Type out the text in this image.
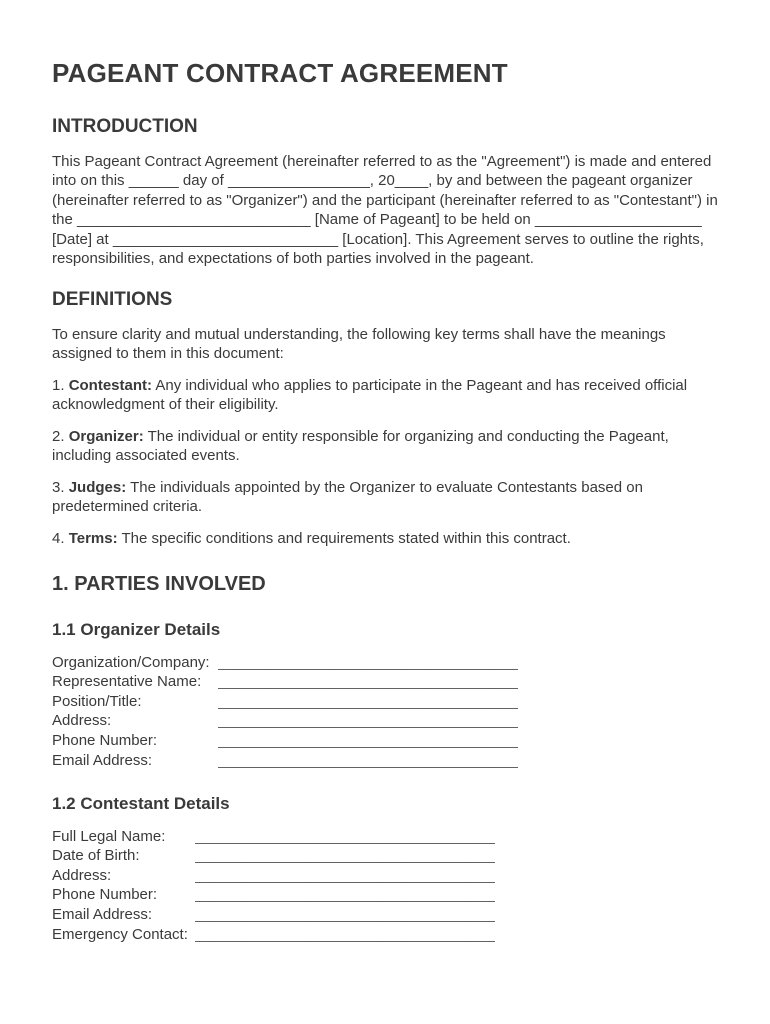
PAGEANT CONTRACT AGREEMENT
INTRODUCTION

This Pageant Contract Agreement (hereinafter referred to as the "Agreement") is made and entered into on this ______ day of _________________, 20____, by and between the pageant organizer (hereinafter referred to as "Organizer") and the participant (hereinafter referred to as "Contestant") in the ____________________________ [Name of Pageant] to be held on ____________________ [Date] at ___________________________ [Location]. This Agreement serves to outline the rights, responsibilities, and expectations of both parties involved in the pageant.

DEFINITIONS

To ensure clarity and mutual understanding, the following key terms shall have the meanings assigned to them in this document:

1. Contestant: Any individual who applies to participate in the Pageant and has received official acknowledgment of their eligibility.

2. Organizer: The individual or entity responsible for organizing and conducting the Pageant, including associated events.

3. Judges: The individuals appointed by the Organizer to evaluate Contestants based on predetermined criteria.

4. Terms: The specific conditions and requirements stated within this contract.

1. PARTIES INVOLVED
1.1 Organizer Details
Organization/Company: ____________________________________
Representative Name:	____________________________________
Position/Title:	____________________________________
Address:	____________________________________
Phone Number:	____________________________________
Email Address:	____________________________________
1.2 Contestant Details
Full Legal Name:	____________________________________
Date of Birth:	____________________________________
Address:	____________________________________
Phone Number:	____________________________________
Email Address:	____________________________________
Emergency Contact: ____________________________________
